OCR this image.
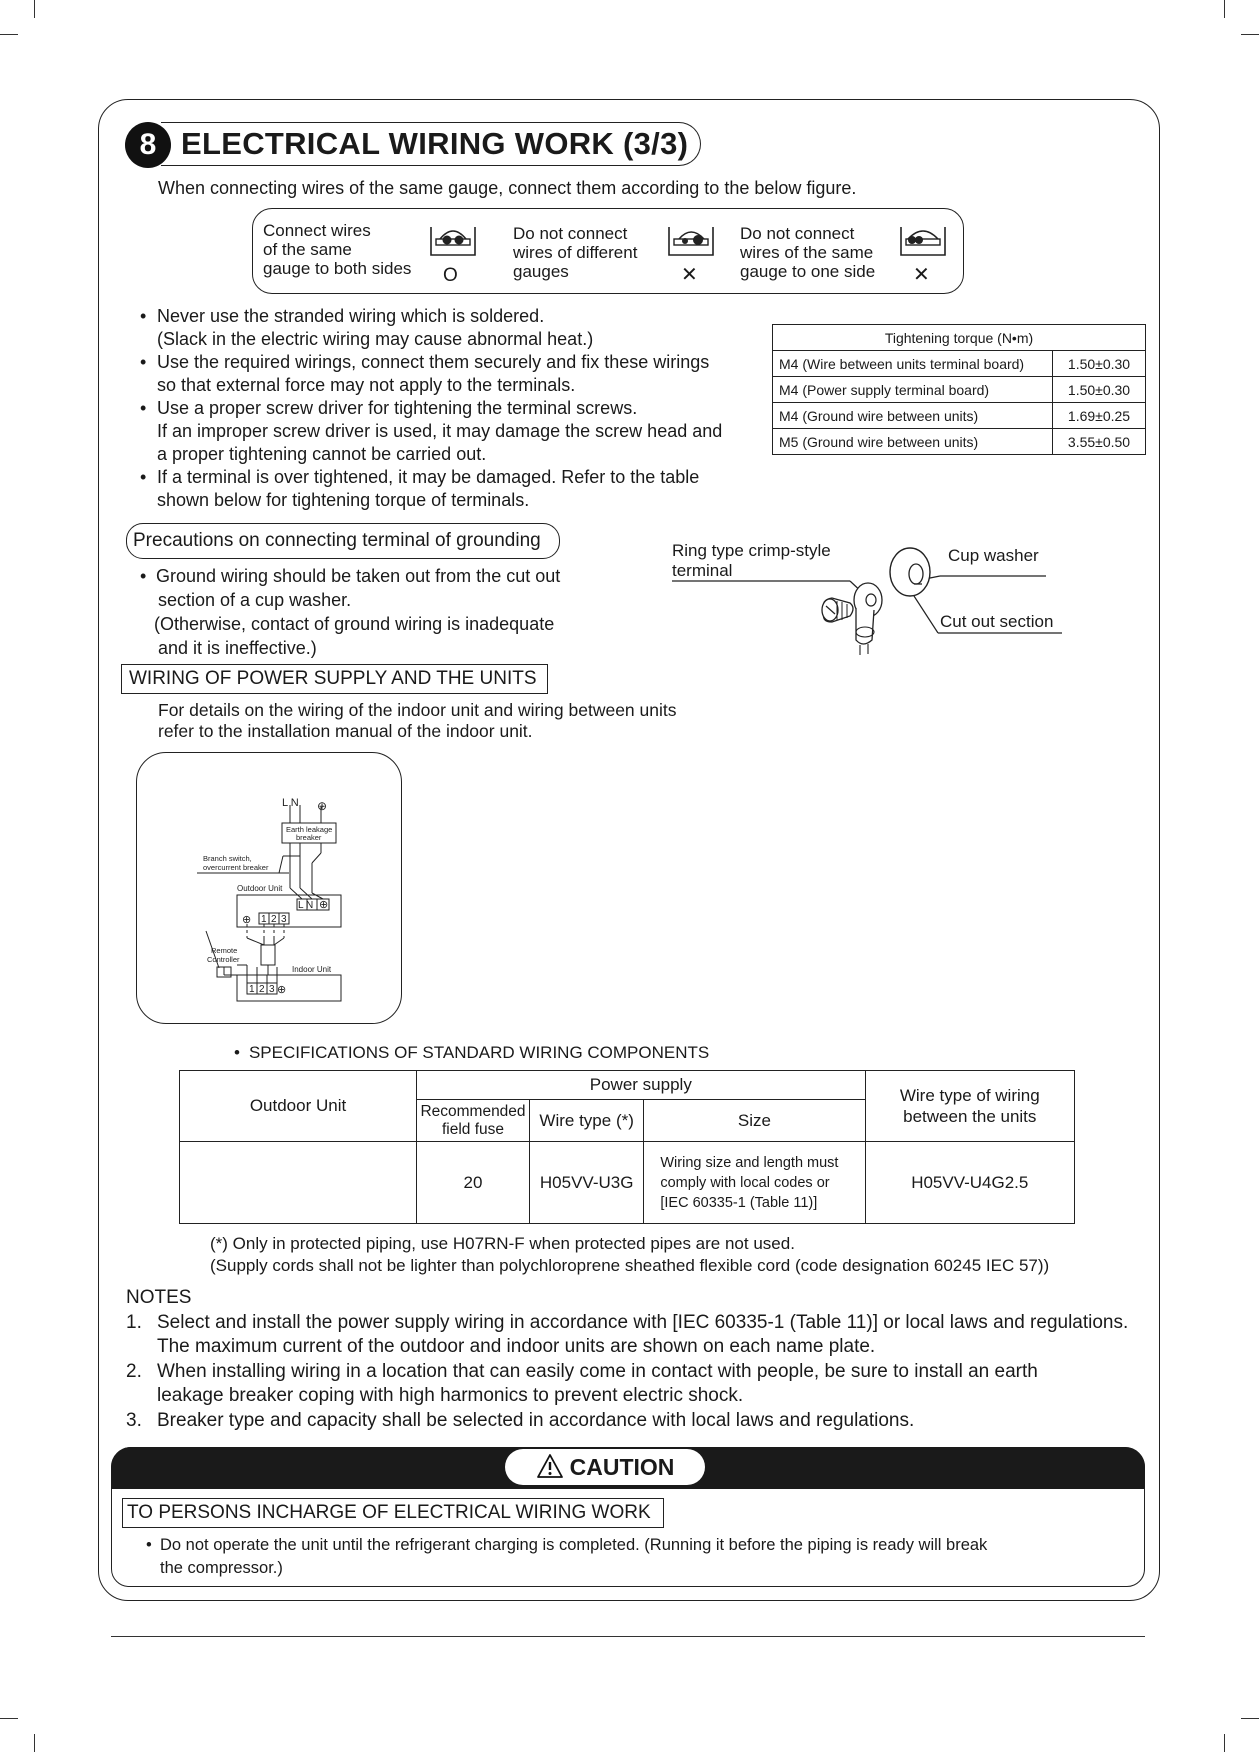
ELECTRICAL WIRING WORK (3/3)
8
When connecting wires of the same gauge, connect them according to the below figure.
Connect wires
of the same
gauge to both sides O
Do not connect
wires of different
gauges	✕
Do not connect
wires of the same
gauge to one side ✕
• Never use the stranded wiring which is soldered.
(Slack in the electric wiring may cause abnormal heat.)
• Use the required wirings, connect them securely and fix these wirings
so that external force may not apply to the terminals.
• Use a proper screw driver for tightening the terminal screws.
If an improper screw driver is used, it may damage the screw head and
a proper tightening cannot be carried out.
• If a terminal is over tightened, it may be damaged. Refer to the table
shown below for tightening torque of terminals.
Tightening torque (N•m)	
M4 (Wire between units terminal board)	1.50±0.30
M4 (Power supply terminal board)	1.50±0.30
M4 (Ground wire between units)	1.69±0.25
M5 (Ground wire between units)	3.55±0.50
Precautions on connecting terminal of grounding
• Ground wiring should be taken out from the cut out
section of a cup washer.
(Otherwise, contact of ground wiring is inadequate
and it is ineffective.)
Ring type crimp-style
terminal
Cup washer
Cut out section
WIRING OF POWER SUPPLY AND THE UNITS
For details on the wiring of the indoor unit and wiring between units
refer to the installation manual of the indoor unit.
L N ⊕
Earth leakage
breaker
Branch switch,
overcurrent breaker
Outdoor Unit
L N ⊕
⊕ 1 2 3
Remote
Controller
Indoor Unit
1 2 3 ⊕
• SPECIFICATIONS OF STANDARD WIRING COMPONENTS
Outdoor Unit	Power supply			Wire type of wiring
between the units

	Recommended
field fuse	Wire type (*)	Size	
	20	H05VV-U3G	Wiring size and length must
comply with local codes or
[IEC 60335-1 (Table 11)]	H05VV-U4G2.5
(*) Only in protected piping, use H07RN-F when protected pipes are not used.
(Supply cords shall not be lighter than polychloroprene sheathed flexible cord (code designation 60245 IEC 57))
NOTES
1. Select and install the power supply wiring in accordance with [IEC 60335-1 (Table 11)] or local laws and regulations.
The maximum current of the outdoor and indoor units are shown on each name plate.
2. When installing wiring in a location that can easily come in contact with people, be sure to install an earth
leakage breaker coping with high harmonics to prevent electric shock.
3. Breaker type and capacity shall be selected in accordance with local laws and regulations.
CAUTION
TO PERSONS INCHARGE OF ELECTRICAL WIRING WORK
• Do not operate the unit until the refrigerant charging is completed. (Running it before the piping is ready will break
the compressor.)
